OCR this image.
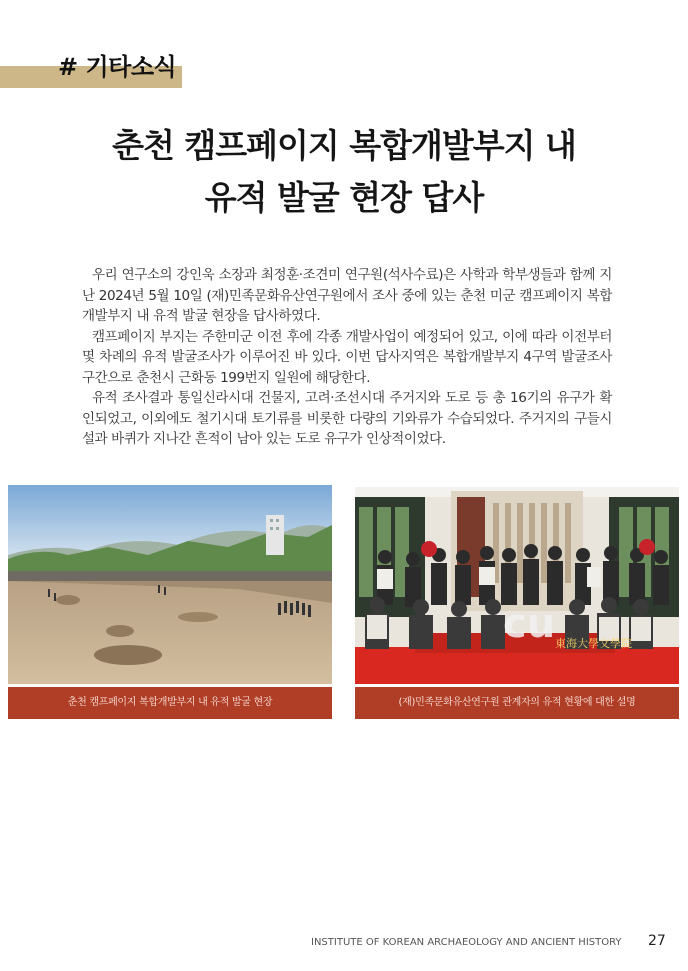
# 기타소식
춘천 캠프페이지 복합개발부지 내
유적 발굴 현장 답사

우리 연구소의 강인욱 소장과 최정훈·조견미 연구원(석사수료)은 사학과 학부생들과 함께 지난 2024년 5월 10일 (재)민족문화유산연구원에서 조사 중에 있는 춘천 미군 캠프페이지 복합개발부지 내 유적 발굴 현장을 답사하였다.

캠프페이지 부지는 주한미군 이전 후에 각종 개발사업이 예정되어 있고, 이에 따라 이전부터 몇 차례의 유적 발굴조사가 이루어진 바 있다. 이번 답사지역은 복합개발부지 4구역 발굴조사 구간으로 춘천시 근화동 199번지 일원에 해당한다.

유적 조사결과 통일신라시대 건물지, 고려·조선시대 주거지와 도로 등 총 16기의 유구가 확인되었고, 이외에도 철기시대 토기류를 비롯한 다량의 기와류가 수습되었다. 주거지의 구들시설과 바퀴가 지나간 흔적이 남아 있는 도로 유구가 인상적이었다.

cu 東海大學文學院
춘천 캠프페이지 복합개발부지 내 유적 발굴 현장	(재)민족문화유산연구원 관계자의 유적 현황에 대한 설명
INSTITUTE OF KOREAN ARCHAEOLOGY AND ANCIENT HISTORY 27
